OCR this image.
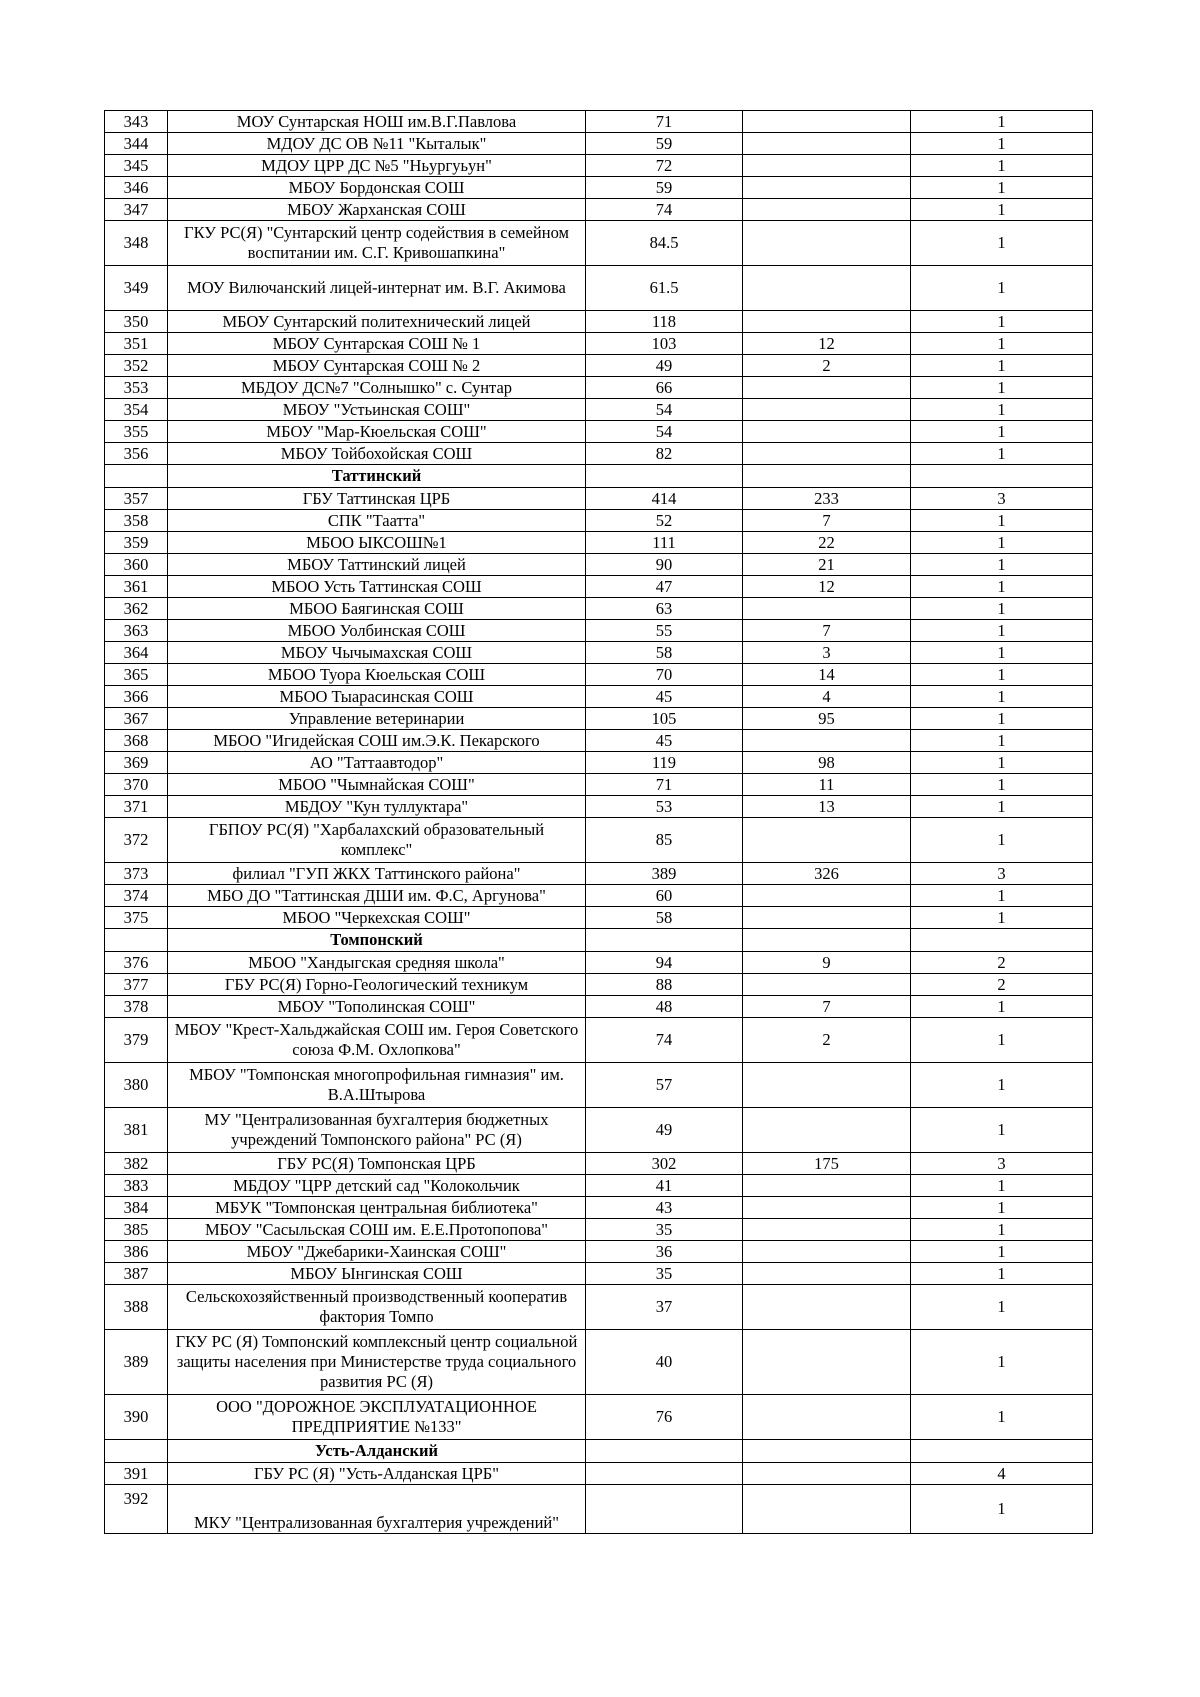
343	МОУ Сунтарская НОШ им.В.Г.Павлова	71		1
344	МДОУ ДС ОВ №11 "Кыталык"	59		1
345	МДОУ ЦРР ДС №5 "Ньургуьун"	72		1
346	МБОУ Бордонская СОШ	59		1
347	МБОУ Жарханская СОШ	74		1
348	ГКУ РС(Я) "Сунтарский центр содействия в семейном воспитании им. С.Г. Кривошапкина"	84.5		1
349	МОУ Вилючанский лицей-интернат им. В.Г. Акимова	61.5		1
350	МБОУ Сунтарский политехнический лицей	118		1
351	МБОУ Сунтарская СОШ № 1	103	12	1
352	МБОУ Сунтарская СОШ № 2	49	2	1
353	МБДОУ ДС№7 "Солнышко" с. Сунтар	66		1
354	МБОУ "Устьинская СОШ"	54		1
355	МБОУ "Мар-Кюельская СОШ"	54		1
356	МБОУ Тойбохойская СОШ	82		1
	Таттинский			
357	ГБУ Таттинская ЦРБ	414	233	3
358	СПК "Таатта"	52	7	1
359	МБОО ЫКСОШ№1	111	22	1
360	МБОУ Таттинский лицей	90	21	1
361	МБОО Усть Таттинская СОШ	47	12	1
362	МБОО Баягинская СОШ	63		1
363	МБОО Уолбинская СОШ	55	7	1
364	МБОУ Чычымахская СОШ	58	3	1
365	МБОО Туора Кюельская СОШ	70	14	1
366	МБОО Тыарасинская СОШ	45	4	1
367	Управление ветеринарии	105	95	1
368	МБОО "Игидейская СОШ им.Э.К. Пекарского	45		1
369	АО "Таттаавтодор"	119	98	1
370	МБОО "Чымнайская СОШ"	71	11	1
371	МБДОУ "Кун туллуктара"	53	13	1
372	ГБПОУ РС(Я) "Харбалахский образовательный комплекс"	85		1
373	филиал "ГУП ЖКХ Таттинского района"	389	326	3
374	МБО ДО "Таттинская ДШИ им. Ф.С, Аргунова"	60		1
375	МБОО "Черкехская СОШ"	58		1
	Томпонский			
376	МБОО "Хандыгская средняя школа"	94	9	2
377	ГБУ РС(Я) Горно-Геологический техникум	88		2
378	МБОУ "Тополинская СОШ"	48	7	1
379	МБОУ "Крест-Хальджайская СОШ им. Героя Советского союза Ф.М. Охлопкова"	74	2	1
380	МБОУ "Томпонская многопрофильная гимназия" им. В.А.Штырова	57		1
381	МУ "Централизованная бухгалтерия бюджетных учреждений Томпонского района" РС (Я)	49		1
382	ГБУ РС(Я) Томпонская ЦРБ	302	175	3
383	МБДОУ "ЦРР детский сад "Колокольчик	41		1
384	МБУК "Томпонская центральная библиотека"	43		1
385	МБОУ "Сасыльская СОШ им. Е.Е.Протопопова"	35		1
386	МБОУ "Джебарики-Хаинская СОШ"	36		1
387	МБОУ Ынгинская СОШ	35		1
388	Сельскохозяйственный производственный кооператив фактория Томпо	37		1
389	ГКУ РС (Я) Томпонский комплексный центр социальной защиты населения при Министерстве труда социального развития РС (Я)	40		1
390	ООО "ДОРОЖНОЕ ЭКСПЛУАТАЦИОННОЕ ПРЕДПРИЯТИЕ №133"	76		1
	Усть-Алданский			
391	ГБУ РС (Я) "Усть-Алданская ЦРБ"			4
392	МКУ "Централизованная бухгалтерия учреждений"			1
